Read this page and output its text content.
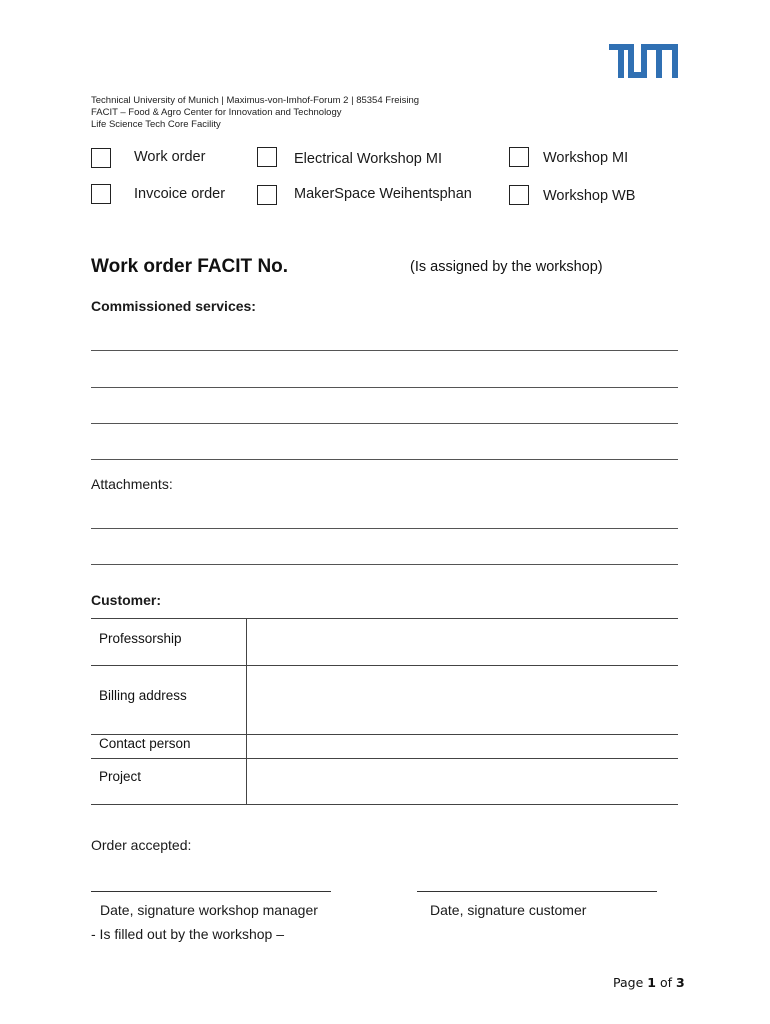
Technical University of Munich | Maximus-von-Imhof-Forum 2 | 85354 Freising
FACIT – Food & Agro Center for Innovation and Technology
Life Science Tech Core Facility
Work order	Electrical Workshop MI	Workshop MI
Invcoice order	MakerSpace Weihentsphan	Workshop WB
Work order FACIT No.	(Is assigned by the workshop)
Commissioned services:
Attachments:
Customer:
Professorship	
Billing address	
Contact person	
Project	
Order accepted:
Date, signature workshop manager	Date, signature customer
- Is filled out by the workshop –
Page 1 of 3
